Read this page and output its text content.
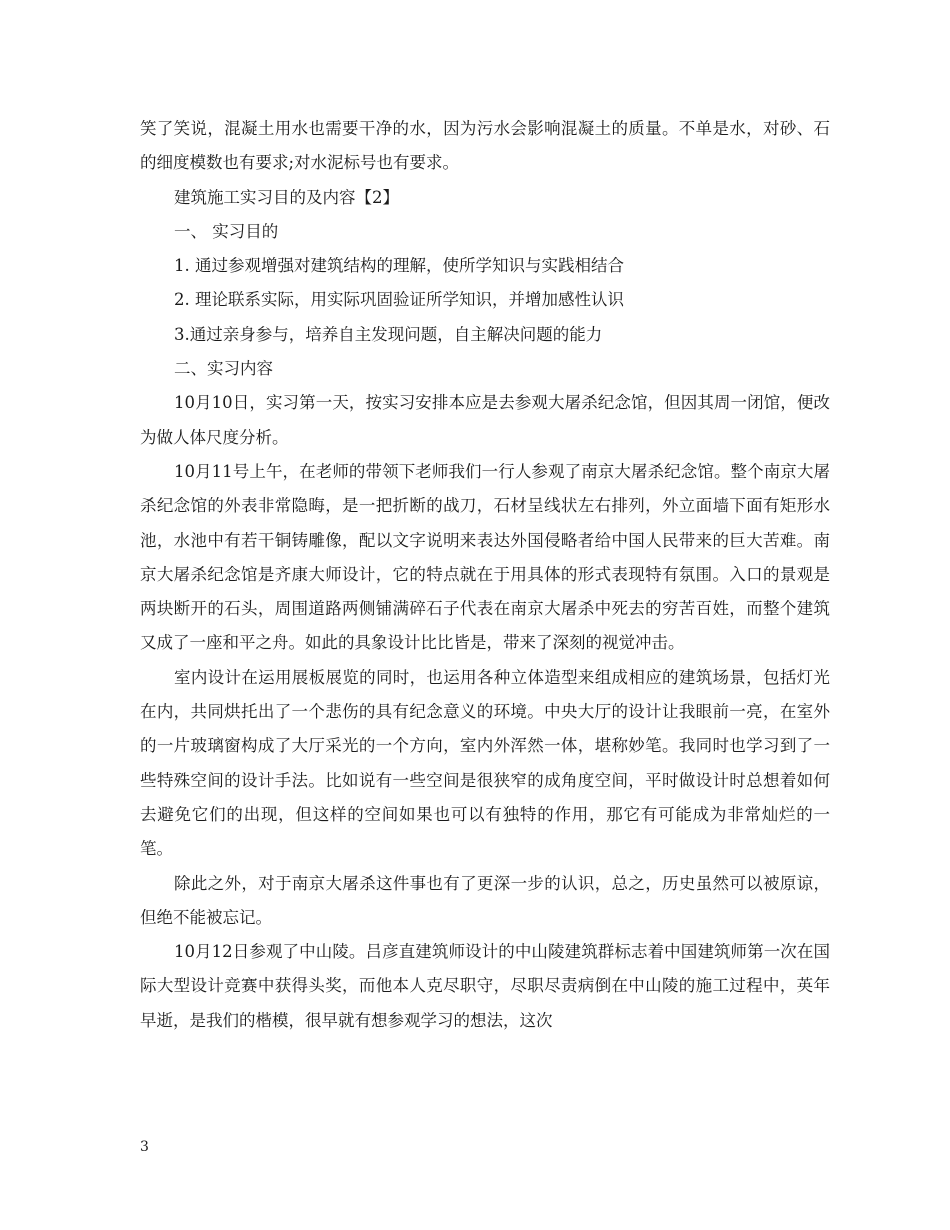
笑了笑说，混凝土用水也需要干净的水，因为污水会影响混凝土的质量。不单是水，对砂、石的细度模数也有要求;对水泥标号也有要求。

建筑施工实习目的及内容【2】

一、 实习目的

1. 通过参观增强对建筑结构的理解，使所学知识与实践相结合

2. 理论联系实际，用实际巩固验证所学知识，并增加感性认识

3.通过亲身参与，培养自主发现问题，自主解决问题的能力

二、实习内容

10月10日，实习第一天，按实习安排本应是去参观大屠杀纪念馆，但因其周一闭馆，便改为做人体尺度分析。

10月11号上午，在老师的带领下老师我们一行人参观了南京大屠杀纪念馆。整个南京大屠杀纪念馆的外表非常隐晦，是一把折断的战刀，石材呈线状左右排列，外立面墙下面有矩形水池，水池中有若干铜铸雕像，配以文字说明来表达外国侵略者给中国人民带来的巨大苦难。南京大屠杀纪念馆是齐康大师设计，它的特点就在于用具体的形式表现特有氛围。入口的景观是两块断开的石头，周围道路两侧铺满碎石子代表在南京大屠杀中死去的穷苦百姓，而整个建筑又成了一座和平之舟。如此的具象设计比比皆是，带来了深刻的视觉冲击。

室内设计在运用展板展览的同时，也运用各种立体造型来组成相应的建筑场景，包括灯光在内，共同烘托出了一个悲伤的具有纪念意义的环境。中央大厅的设计让我眼前一亮，在室外的一片玻璃窗构成了大厅采光的一个方向，室内外浑然一体，堪称妙笔。我同时也学习到了一些特殊空间的设计手法。比如说有一些空间是很狭窄的成角度空间，平时做设计时总想着如何去避免它们的出现，但这样的空间如果也可以有独特的作用，那它有可能成为非常灿烂的一笔。

除此之外，对于南京大屠杀这件事也有了更深一步的认识，总之，历史虽然可以被原谅，但绝不能被忘记。

10月12日参观了中山陵。吕彦直建筑师设计的中山陵建筑群标志着中国建筑师第一次在国际大型设计竞赛中获得头奖，而他本人克尽职守，尽职尽责病倒在中山陵的施工过程中，英年早逝，是我们的楷模，很早就有想参观学习的想法，这次

3
